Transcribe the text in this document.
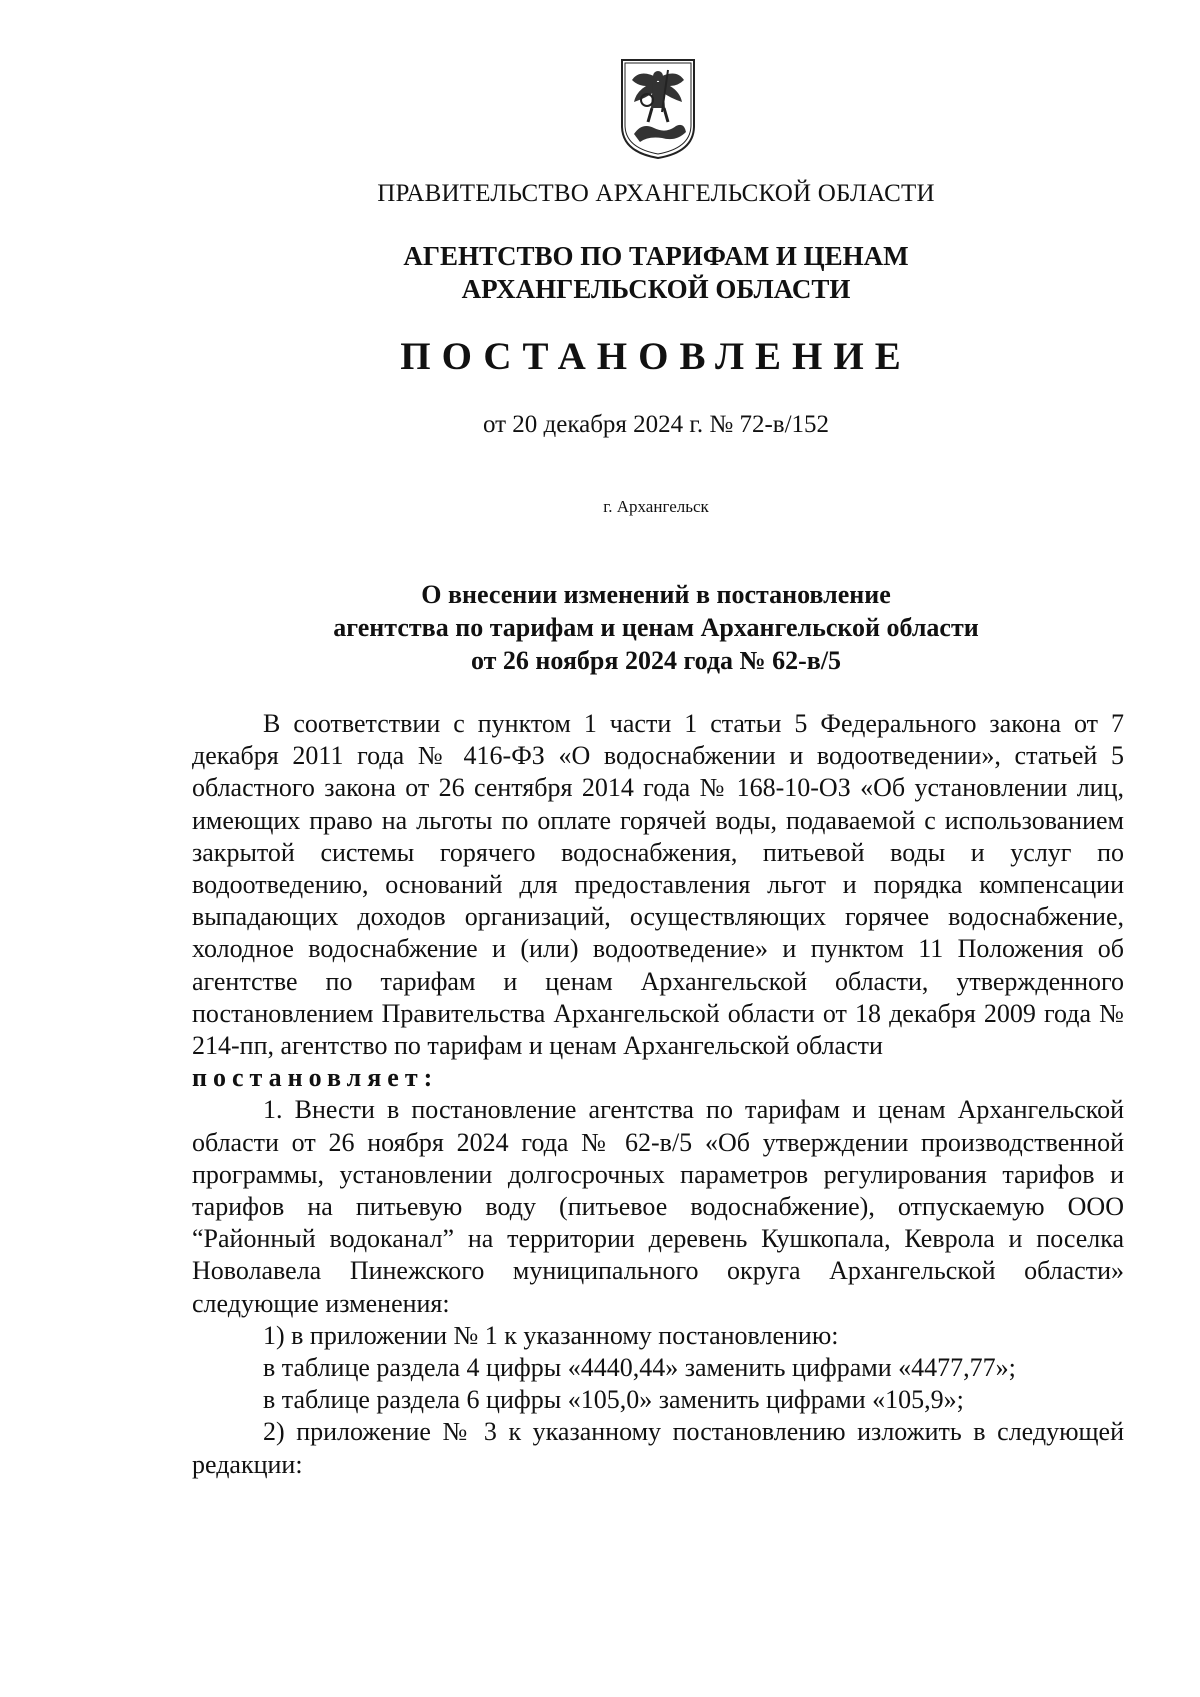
ПРАВИТЕЛЬСТВО АРХАНГЕЛЬСКОЙ ОБЛАСТИ
АГЕНТСТВО ПО ТАРИФАМ И ЦЕНАМ
АРХАНГЕЛЬСКОЙ ОБЛАСТИ
ПОСТАНОВЛЕНИЕ
от 20 декабря 2024 г. № 72-в/152
г. Архангельск
О внесении изменений в постановление
агентства по тарифам и ценам Архангельской области
от 26 ноября 2024 года № 62-в/5

В соответствии с пунктом 1 части 1 статьи 5 Федерального закона от 7 декабря 2011 года № 416-ФЗ «О водоснабжении и водоотведении», статьей 5 областного закона от 26 сентября 2014 года № 168-10-ОЗ «Об установлении лиц, имеющих право на льготы по оплате горячей воды, подаваемой с использованием закрытой системы горячего водоснабжения, питьевой воды и услуг по водоотведению, оснований для предоставления льгот и порядка компенсации выпадающих доходов организаций, осуществляющих горячее водоснабжение, холодное водоснабжение и (или) водоотведение» и пунктом 11 Положения об агентстве по тарифам и ценам Архангельской области, утвержденного постановлением Правительства Архангельской области от 18 декабря 2009 года № 214-пп, агентство по тарифам и ценам Архангельской области

постановляет:

1. Внести в постановление агентства по тарифам и ценам Архангельской области от 26 ноября 2024 года № 62-в/5 «Об утверждении производственной программы, установлении долгосрочных параметров регулирования тарифов и тарифов на питьевую воду (питьевое водоснабжение), отпускаемую ООО “Районный водоканал” на территории деревень Кушкопала, Кеврола и поселка Новолавела Пинежского муниципального округа Архангельской области» следующие изменения:

1) в приложении № 1 к указанному постановлению:

в таблице раздела 4 цифры «4440,44» заменить цифрами «4477,77»;

в таблице раздела 6 цифры «105,0» заменить цифрами «105,9»;

2) приложение № 3 к указанному постановлению изложить в следующей редакции:
